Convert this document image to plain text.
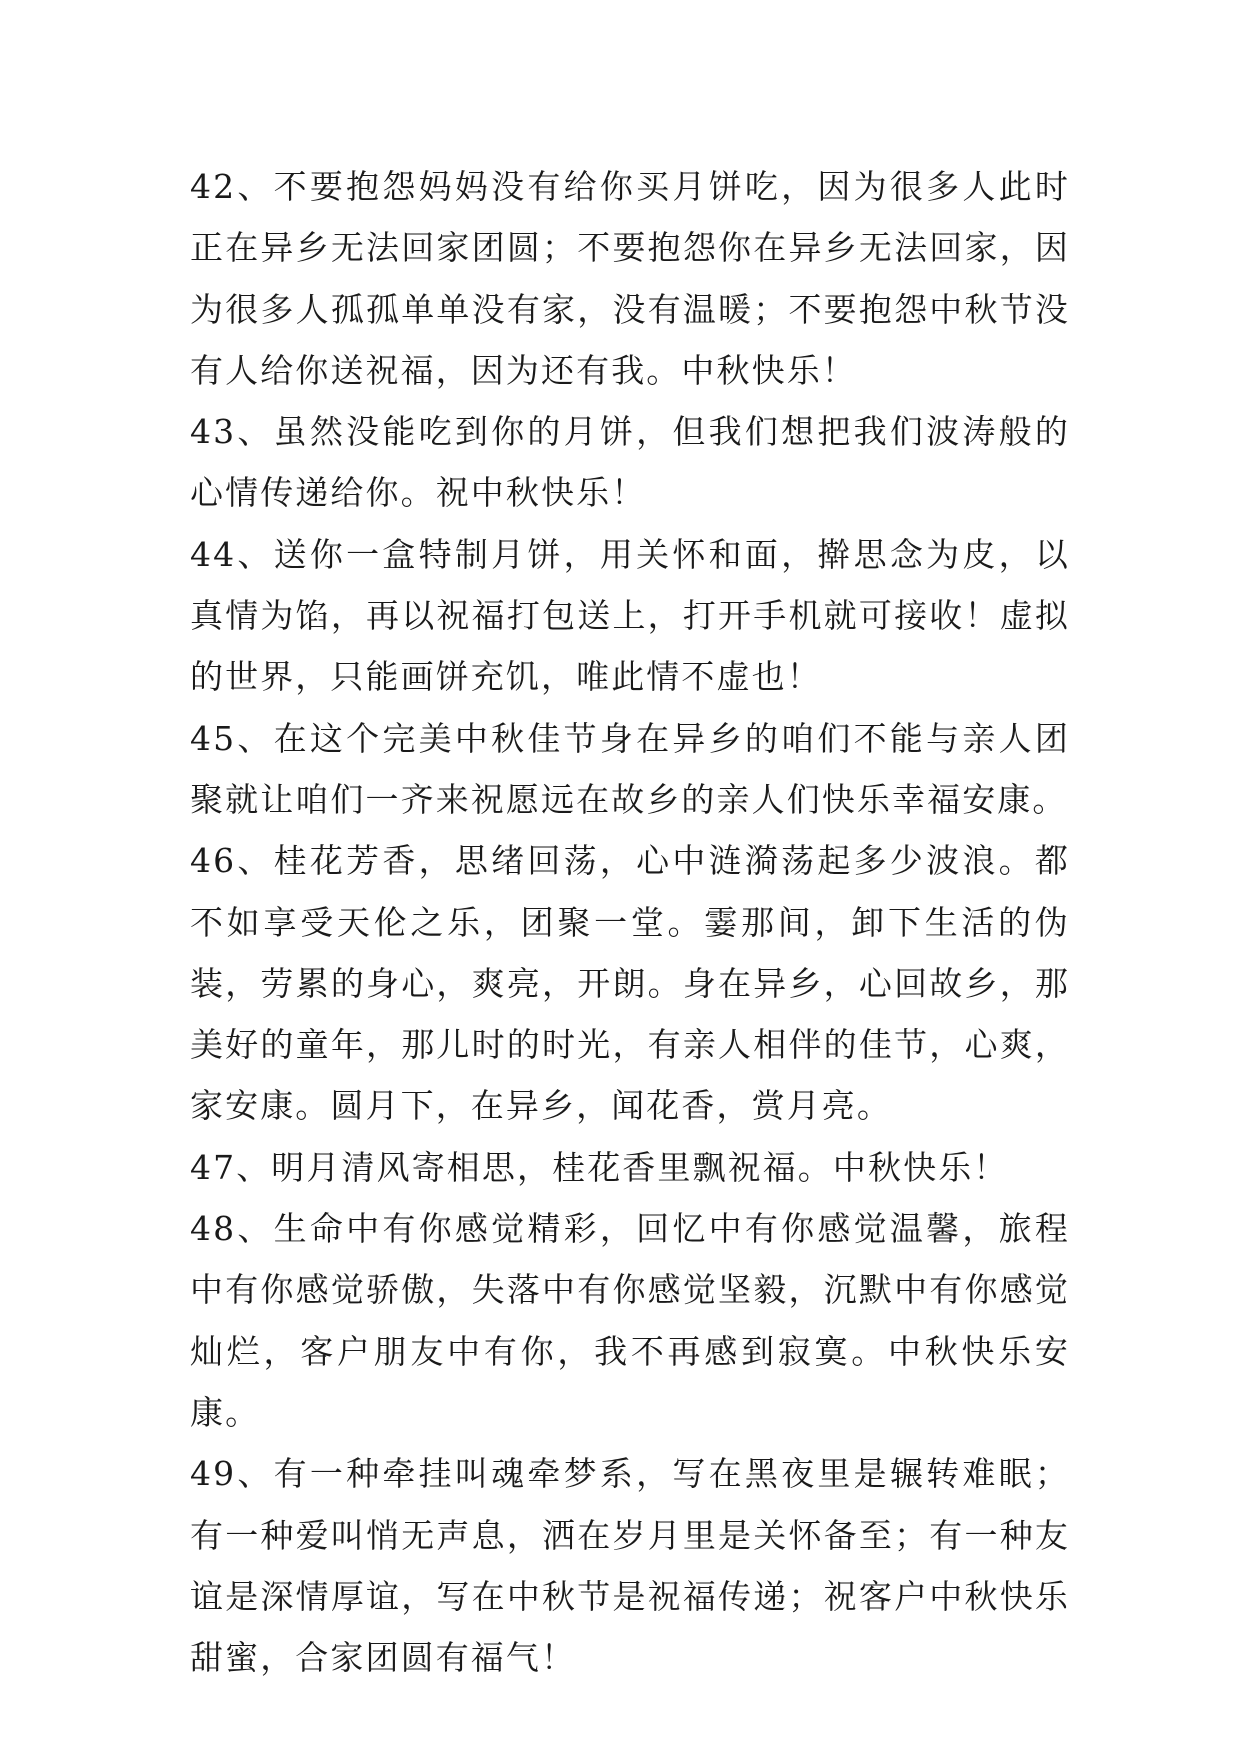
42、不要抱怨妈妈没有给你买月饼吃，因为很多人此时正在异乡无法回家团圆；不要抱怨你在异乡无法回家，因为很多人孤孤单单没有家，没有温暖；不要抱怨中秋节没有人给你送祝福，因为还有我。中秋快乐！

43、虽然没能吃到你的月饼，但我们想把我们波涛般的心情传递给你。祝中秋快乐！

44、送你一盒特制月饼，用关怀和面，擀思念为皮，以真情为馅，再以祝福打包送上，打开手机就可接收！虚拟的世界，只能画饼充饥，唯此情不虚也！

45、在这个完美中秋佳节身在异乡的咱们不能与亲人团聚就让咱们一齐来祝愿远在故乡的亲人们快乐幸福安康。

46、桂花芳香，思绪回荡，心中涟漪荡起多少波浪。都不如享受天伦之乐，团聚一堂。霎那间，卸下生活的伪装，劳累的身心，爽亮，开朗。身在异乡，心回故乡，那美好的童年，那儿时的时光，有亲人相伴的佳节，心爽，家安康。圆月下，在异乡，闻花香，赏月亮。

47、明月清风寄相思，桂花香里飘祝福。中秋快乐！

48、生命中有你感觉精彩，回忆中有你感觉温馨，旅程中有你感觉骄傲，失落中有你感觉坚毅，沉默中有你感觉灿烂，客户朋友中有你，我不再感到寂寞。中秋快乐安康。

49、有一种牵挂叫魂牵梦系，写在黑夜里是辗转难眠；有一种爱叫悄无声息，洒在岁月里是关怀备至；有一种友谊是深情厚谊，写在中秋节是祝福传递；祝客户中秋快乐甜蜜，合家团圆有福气！
